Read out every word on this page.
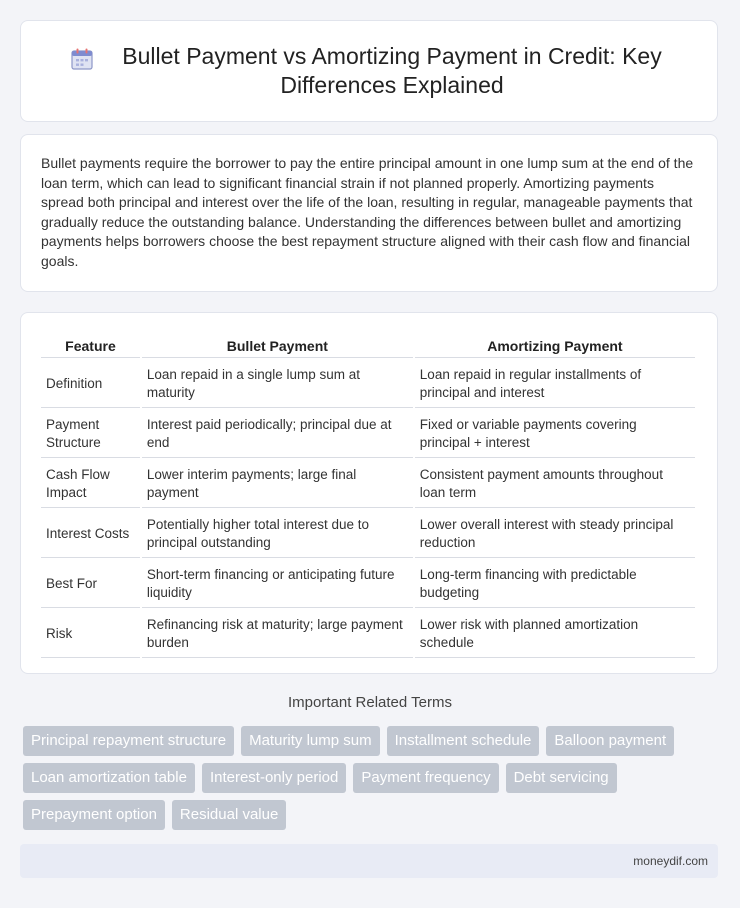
Bullet Payment vs Amortizing Payment in Credit: Key Differences Explained

Bullet payments require the borrower to pay the entire principal amount in one lump sum at the end of the loan term, which can lead to significant financial strain if not planned properly. Amortizing payments spread both principal and interest over the life of the loan, resulting in regular, manageable payments that gradually reduce the outstanding balance. Understanding the differences between bullet and amortizing payments helps borrowers choose the best repayment structure aligned with their cash flow and financial goals.

Feature	Bullet Payment	Amortizing Payment
Definition	Loan repaid in a single lump sum at maturity	Loan repaid in regular installments of principal and interest
Payment Structure	Interest paid periodically; principal due at end	Fixed or variable payments covering principal + interest
Cash Flow Impact	Lower interim payments; large final payment	Consistent payment amounts throughout loan term
Interest Costs	Potentially higher total interest due to principal outstanding	Lower overall interest with steady principal reduction
Best For	Short-term financing or anticipating future liquidity	Long-term financing with predictable budgeting
Risk	Refinancing risk at maturity; large payment burden	Lower risk with planned amortization schedule
Important Related Terms
Principal repayment structure	Maturity lump sum	Installment schedule	Balloon payment
Loan amortization table	Interest-only period	Payment frequency	Debt servicing
Prepayment option	Residual value
moneydif.com
